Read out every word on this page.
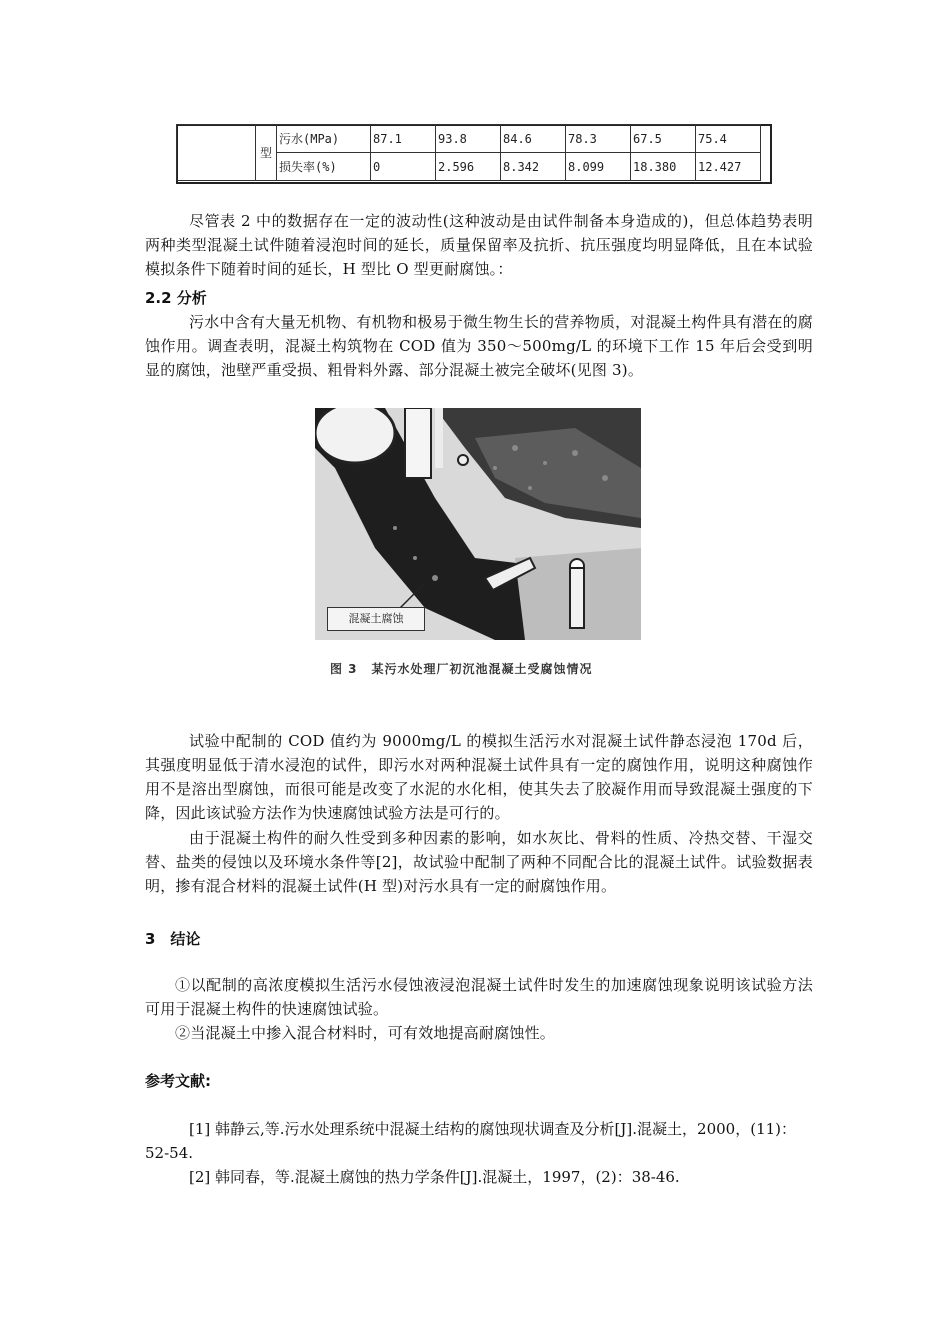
	型	污水(MPa)	87.1	93.8	84.6	78.3	67.5	75.4
		损失率(%)	0	2.596	8.342	8.099	18.380	12.427

尽管表 2 中的数据存在一定的波动性(这种波动是由试件制备本身造成的)，但总体趋势表明两种类型混凝土试件随着浸泡时间的延长，质量保留率及抗折、抗压强度均明显降低，且在本试验模拟条件下随着时间的延长，H 型比 O 型更耐腐蚀。：

2.2 分析

污水中含有大量无机物、有机物和极易于微生物生长的营养物质，对混凝土构件具有潜在的腐蚀作用。调查表明，混凝土构筑物在 COD 值为 350～500mg/L 的环境下工作 15 年后会受到明显的腐蚀，池壁严重受损、粗骨料外露、部分混凝土被完全破坏(见图 3)。

混凝土腐蚀
图 3 某污水处理厂初沉池混凝土受腐蚀情况

试验中配制的 COD 值约为 9000mg/L 的模拟生活污水对混凝土试件静态浸泡 170d 后，其强度明显低于清水浸泡的试件，即污水对两种混凝土试件具有一定的腐蚀作用，说明这种腐蚀作用不是溶出型腐蚀，而很可能是改变了水泥的水化相，使其失去了胶凝作用而导致混凝土强度的下降，因此该试验方法作为快速腐蚀试验方法是可行的。

由于混凝土构件的耐久性受到多种因素的影响，如水灰比、骨料的性质、冷热交替、干湿交替、盐类的侵蚀以及环境水条件等[2]，故试验中配制了两种不同配合比的混凝土试件。试验数据表明，掺有混合材料的混凝土试件(H 型)对污水具有一定的耐腐蚀作用。

3　结论

①以配制的高浓度模拟生活污水侵蚀液浸泡混凝土试件时发生的加速腐蚀现象说明该试验方法可用于混凝土构件的快速腐蚀试验。

②当混凝土中掺入混合材料时，可有效地提高耐腐蚀性。

参考文献:

[1] 韩静云,等.污水处理系统中混凝土结构的腐蚀现状调查及分析[J].混凝土，2000，(11)：52-54.

[2] 韩同春，等.混凝土腐蚀的热力学条件[J].混凝土，1997，(2)：38-46.
